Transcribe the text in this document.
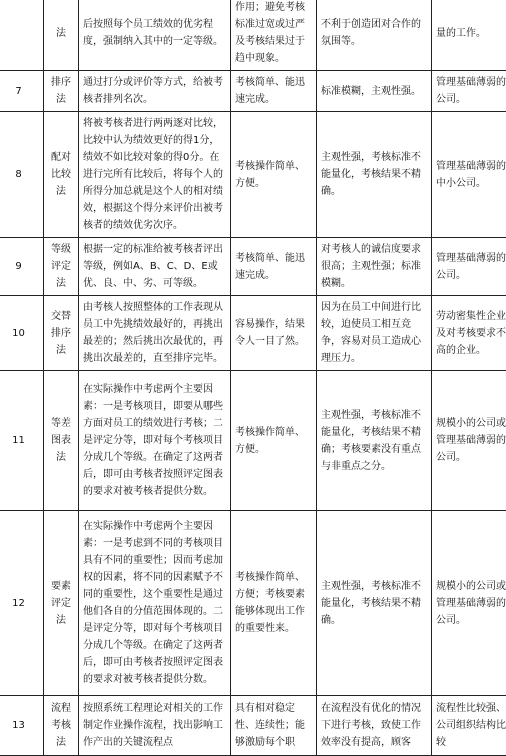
	法	后按照每个员工绩效的优劣程度，强制纳入其中的一定等级。	作用；避免考核标准过宽或过严及考核结果过于趋中现象。	不利于创造团对合作的氛围等。	量的工作。
7	排序法	通过打分或评价等方式，给被考核者排列名次。	考核简单、能迅速完成。	标准模糊，主观性强。	管理基础薄弱的公司。
8	配对比较法	将被考核者进行两两逐对比较，比较中认为绩效更好的得1分，绩效不如比较对象的得0分。在进行完所有比较后，将每个人的所得分加总就是这个人的相对绩效，根据这个得分来评价出被考核者的绩效优劣次序。	考核操作简单、方便。	主观性强，考核标准不能量化，考核结果不精确。	管理基础薄弱的中小公司。
9	等级评定法	根据一定的标准给被考核者评出等级，例如A、B、C、D、E或优、良、中、劣、可等级。	考核简单、能迅速完成。	对考核人的诚信度要求很高；主观性强；标准模糊。	管理基础薄弱的公司。
10	交替排序法	由考核人按照整体的工作表现从员工中先挑绩效最好的，再挑出最差的；然后挑出次最优的，再挑出次最差的，直至排序完毕。	容易操作，结果令人一目了然。	因为在员工中间进行比较，迫使员工相互竞争，容易对员工造成心理压力。	劳动密集性企业及对考核要求不高的企业。
11	等差图表法	在实际操作中考虑两个主要因素：一是考核项目，即要从哪些方面对员工的绩效进行考核；二是评定分等，即对每个考核项目分成几个等级。在确定了这两者后，即可由考核者按照评定图表的要求对被考核者提供分数。	考核操作简单、方便。	主观性强，考核标准不能量化，考核结果不精确；考核要素没有重点与非重点之分。	规模小的公司或管理基础薄弱的公司。
12	要素评定法	在实际操作中考虑两个主要因素：一是考虑到不同的考核项目具有不同的重要性；因而考虑加权的因素，将不同的因素赋予不同的重要性，这个重要性是通过他们各自的分值范围体现的。二是评定分等，即对每个考核项目分成几个等级。在确定了这两者后，即可由考核者按照评定图表的要求对被考核者提供分数。	考核操作简单、方便；考核要素能够体现出工作的重要性来。	主观性强，考核标准不能量化，考核结果不精确。	规模小的公司或管理基础薄弱的公司。
13	流程考核法	按照系统工程理论对相关的工作制定作业操作流程，找出影响工作产出的关键流程点	具有相对稳定性、连续性；能够激励每个职	在流程没有优化的情况下进行考核，致使工作效率没有提高，顾客	流程性比较强、公司组织结构比较
